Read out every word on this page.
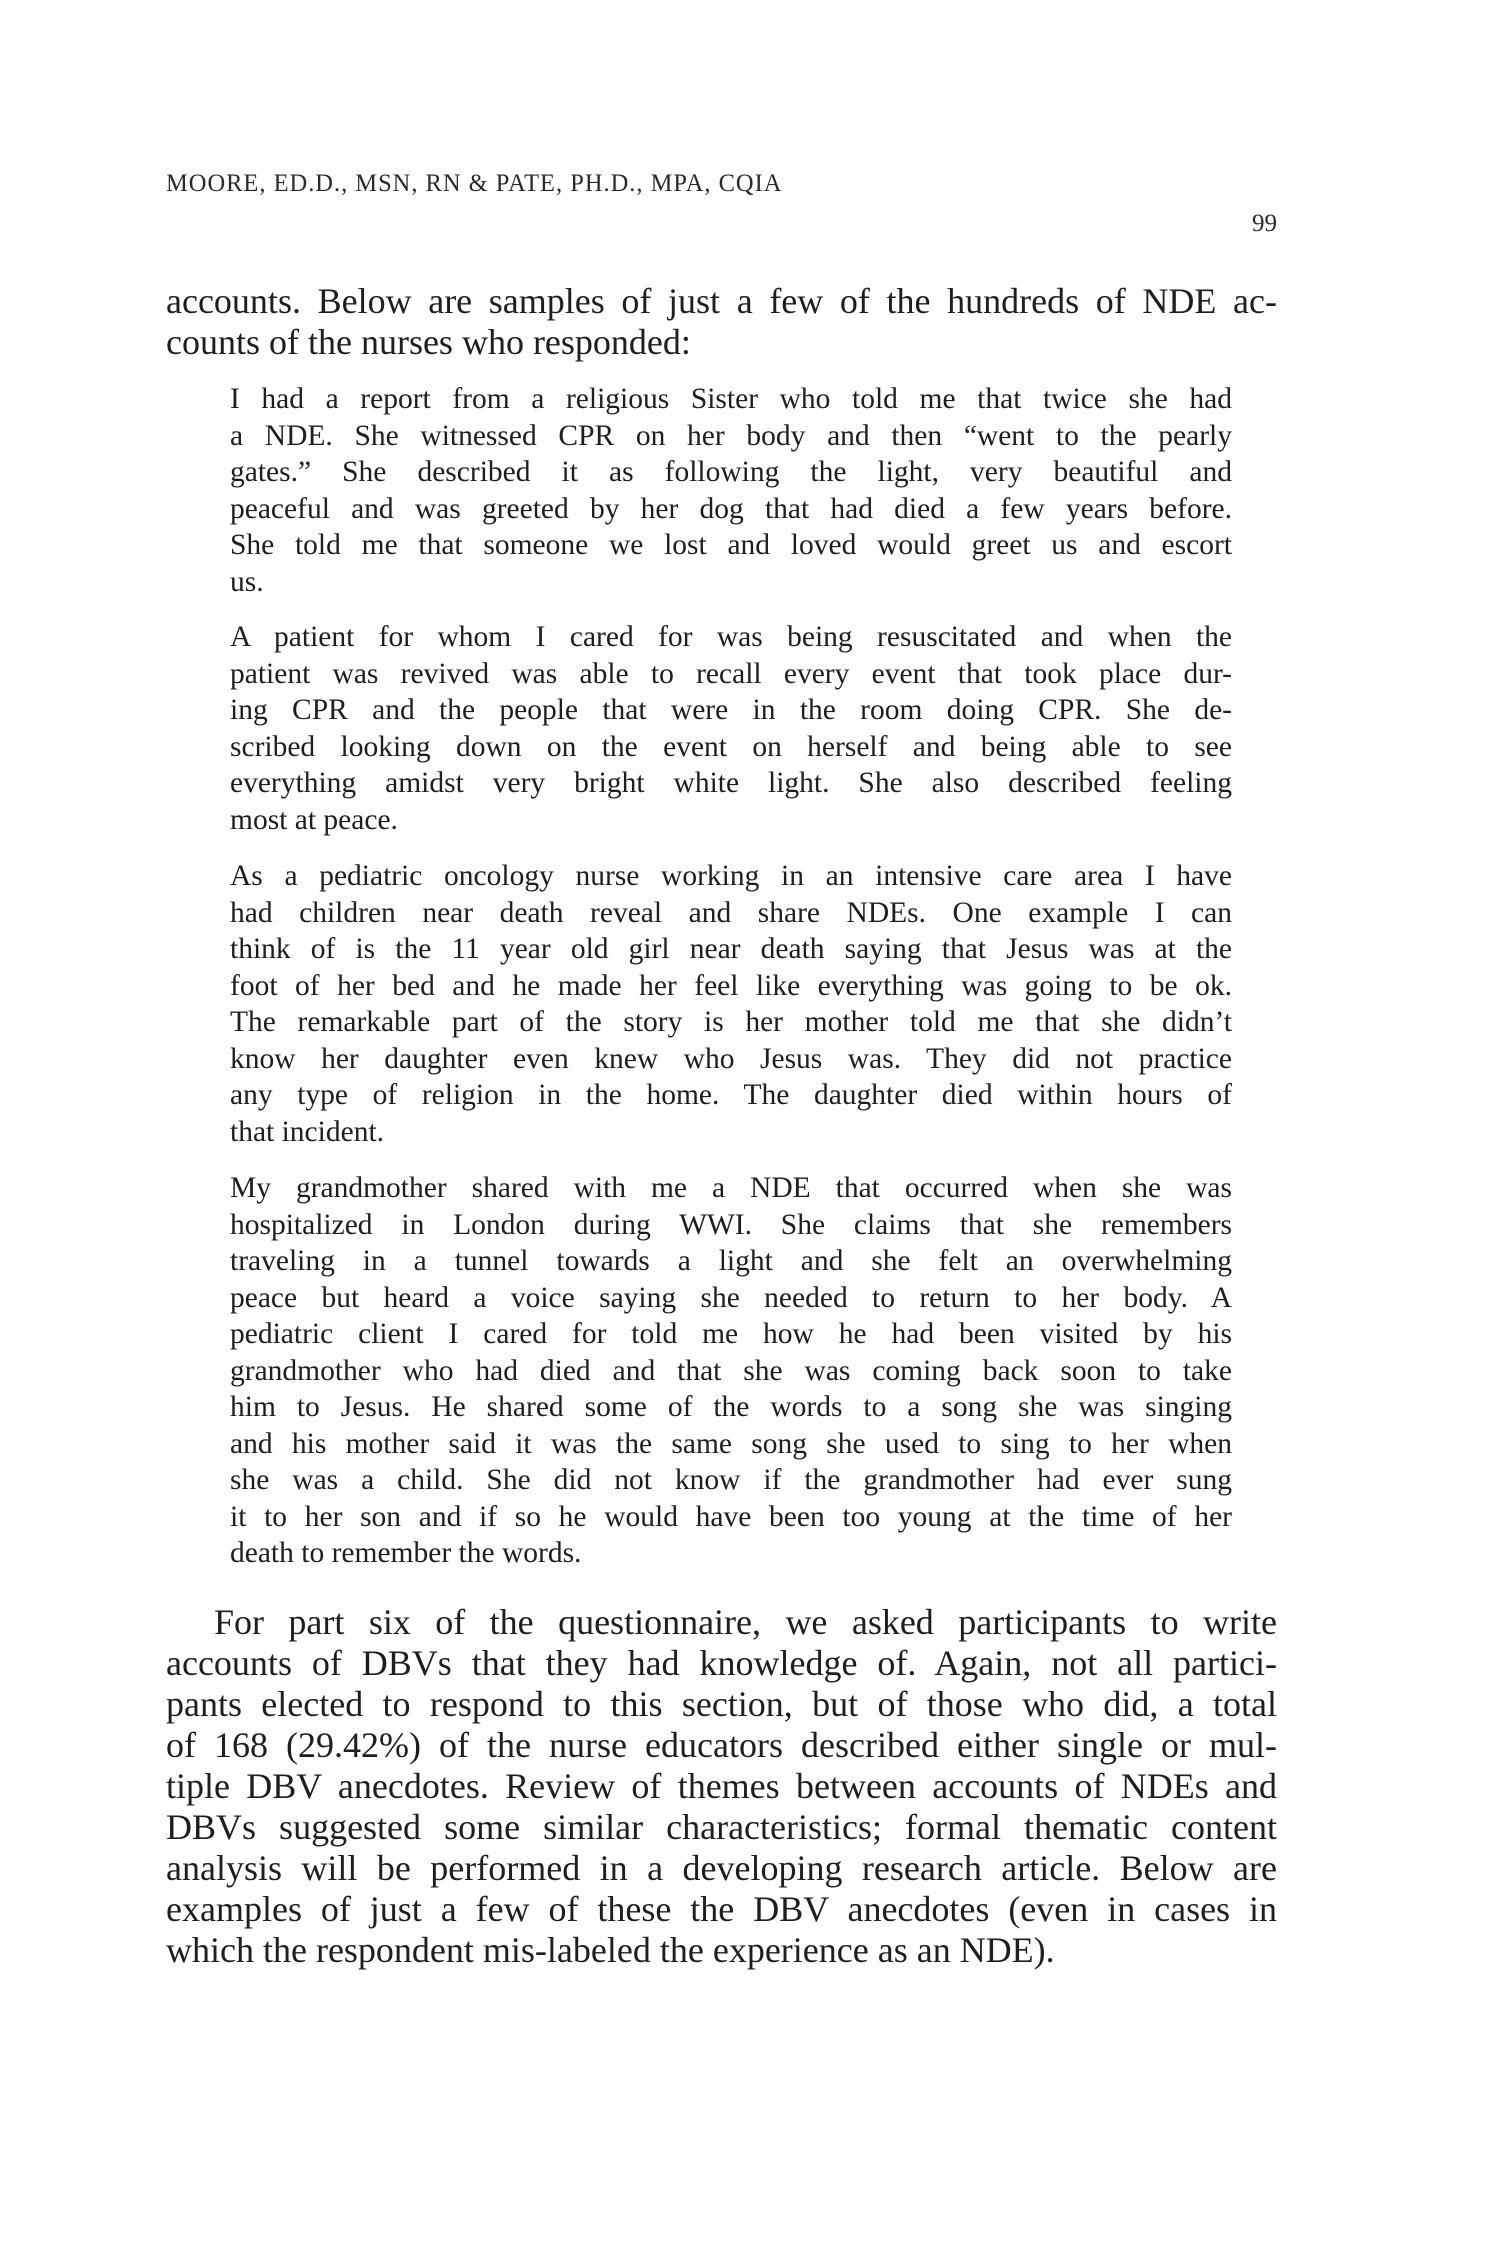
MOORE, ED.D., MSN, RN & PATE, PH.D., MPA, CQIA
99
accounts. Below are samples of just a few of the hundreds of NDE ac-
counts of the nurses who responded:
I had a report from a religious Sister who told me that twice she had
a NDE. She witnessed CPR on her body and then “went to the pearly
gates.” She described it as following the light, very beautiful and
peaceful and was greeted by her dog that had died a few years before.
She told me that someone we lost and loved would greet us and escort
us.
A patient for whom I cared for was being resuscitated and when the
patient was revived was able to recall every event that took place dur-
ing CPR and the people that were in the room doing CPR. She de-
scribed looking down on the event on herself and being able to see
everything amidst very bright white light. She also described feeling
most at peace.
As a pediatric oncology nurse working in an intensive care area I have
had children near death reveal and share NDEs. One example I can
think of is the 11 year old girl near death saying that Jesus was at the
foot of her bed and he made her feel like everything was going to be ok.
The remarkable part of the story is her mother told me that she didn’t
know her daughter even knew who Jesus was. They did not practice
any type of religion in the home. The daughter died within hours of
that incident.
My grandmother shared with me a NDE that occurred when she was
hospitalized in London during WWI. She claims that she remembers
traveling in a tunnel towards a light and she felt an overwhelming
peace but heard a voice saying she needed to return to her body. A
pediatric client I cared for told me how he had been visited by his
grandmother who had died and that she was coming back soon to take
him to Jesus. He shared some of the words to a song she was singing
and his mother said it was the same song she used to sing to her when
she was a child. She did not know if the grandmother had ever sung
it to her son and if so he would have been too young at the time of her
death to remember the words.
For part six of the questionnaire, we asked participants to write
accounts of DBVs that they had knowledge of. Again, not all partici-
pants elected to respond to this section, but of those who did, a total
of 168 (29.42%) of the nurse educators described either single or mul-
tiple DBV anecdotes. Review of themes between accounts of NDEs and
DBVs suggested some similar characteristics; formal thematic content
analysis will be performed in a developing research article. Below are
examples of just a few of these the DBV anecdotes (even in cases in
which the respondent mis-labeled the experience as an NDE).
